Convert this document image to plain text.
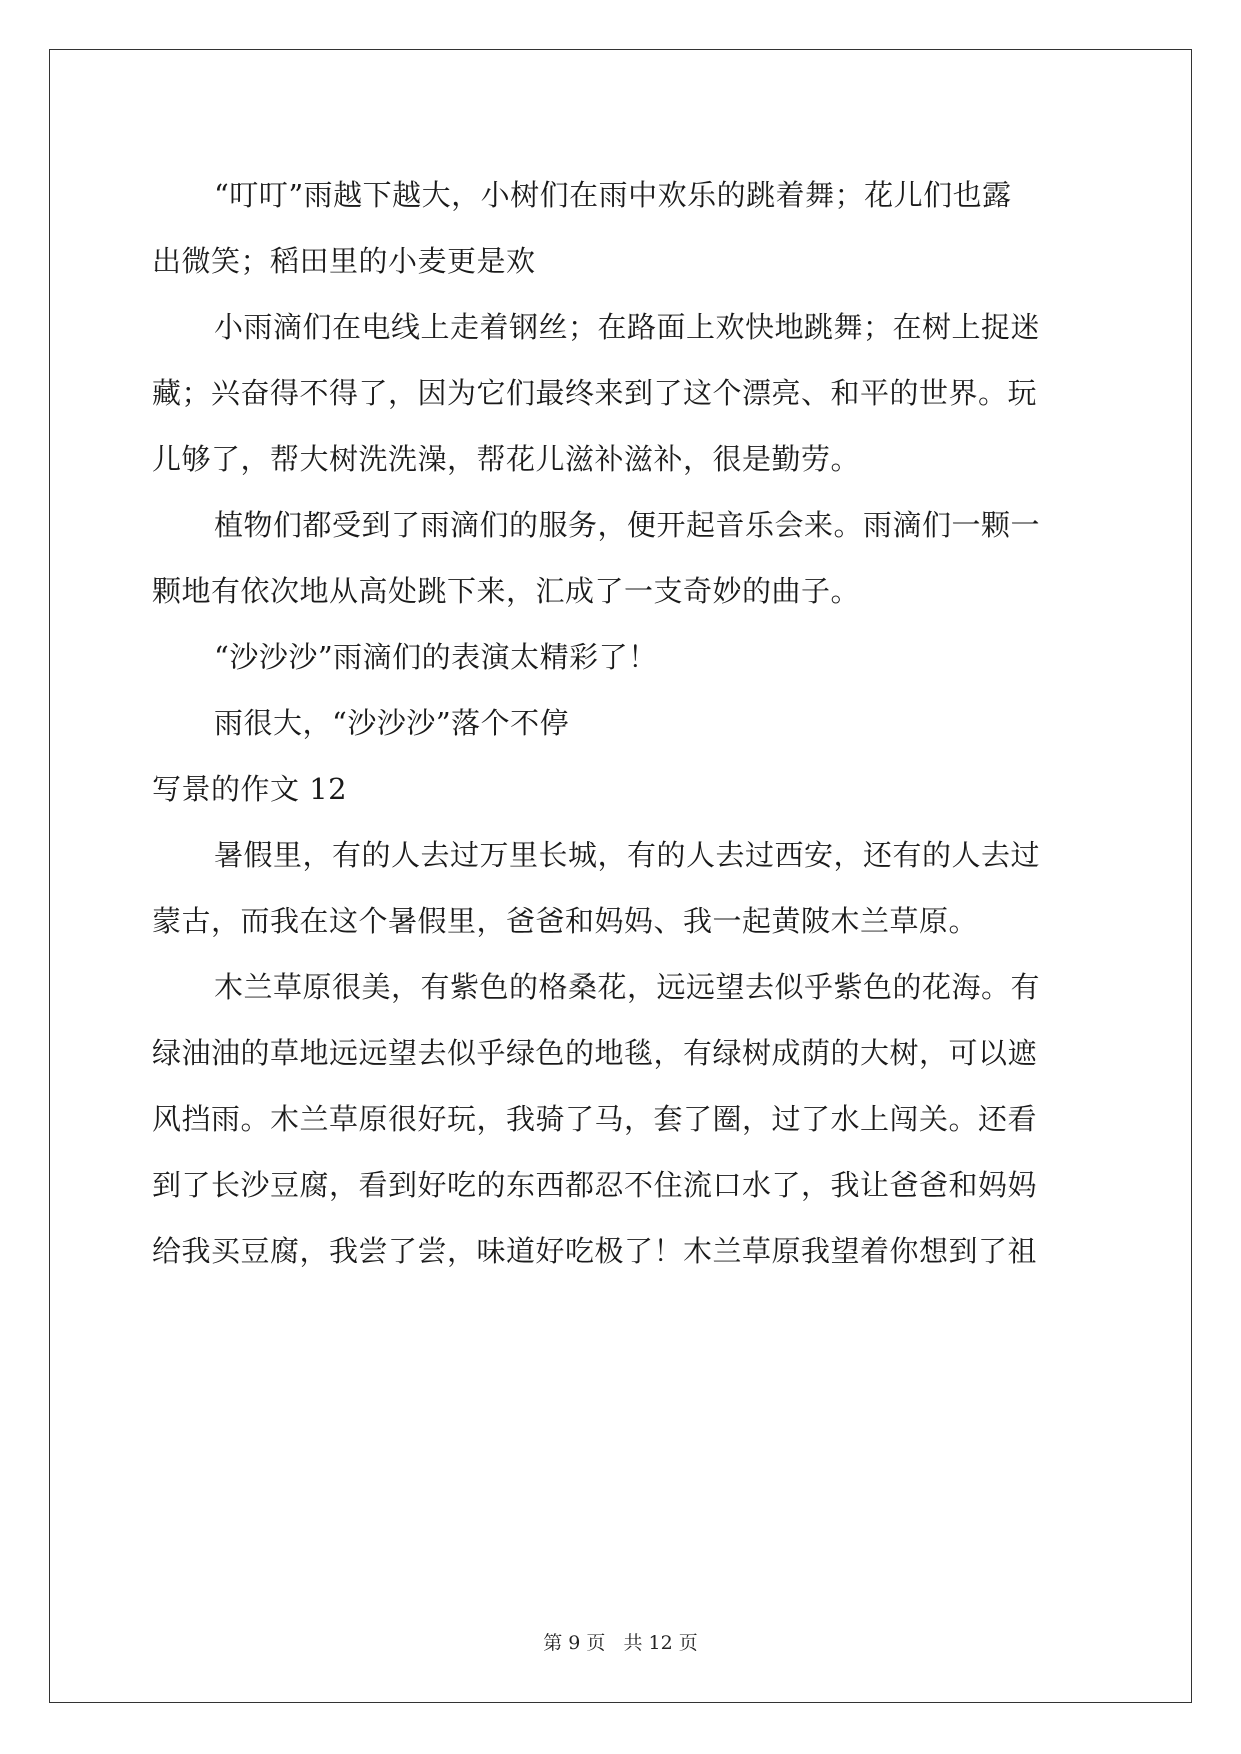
“叮叮”雨越下越大，小树们在雨中欢乐的跳着舞；花儿们也露
出微笑；稻田里的小麦更是欢
小雨滴们在电线上走着钢丝；在路面上欢快地跳舞；在树上捉迷
藏；兴奋得不得了，因为它们最终来到了这个漂亮、和平的世界。玩
儿够了，帮大树洗洗澡，帮花儿滋补滋补，很是勤劳。
植物们都受到了雨滴们的服务，便开起音乐会来。雨滴们一颗一
颗地有依次地从高处跳下来，汇成了一支奇妙的曲子。
“沙沙沙”雨滴们的表演太精彩了！
雨很大，“沙沙沙”落个不停
写景的作文 12
暑假里，有的人去过万里长城，有的人去过西安，还有的人去过
蒙古，而我在这个暑假里，爸爸和妈妈、我一起黄陂木兰草原。
木兰草原很美，有紫色的格桑花，远远望去似乎紫色的花海。有
绿油油的草地远远望去似乎绿色的地毯，有绿树成荫的大树，可以遮
风挡雨。木兰草原很好玩，我骑了马，套了圈，过了水上闯关。还看
到了长沙豆腐，看到好吃的东西都忍不住流口水了，我让爸爸和妈妈
给我买豆腐，我尝了尝，味道好吃极了！木兰草原我望着你想到了祖
第 9 页 共 12 页
